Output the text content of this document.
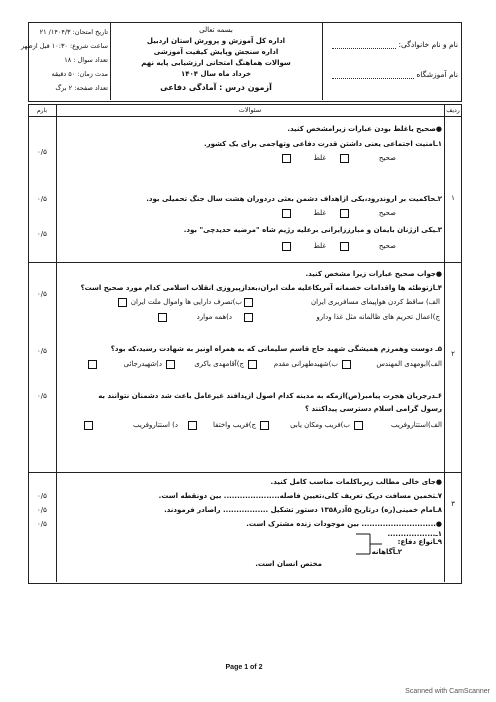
تاریخ امتحان: ۱۴۰۴/۳/ ۲۱
ساعت شروع: ۱۰:۳۰ قبل ازظهر
تعداد سوال : ۱۸
مدت زمان: ۵۰ دقیقه
تعداد صفحه: ۲ برگ
بسمه تعالی
اداره کل آموزش و پرورش استان اردبیل
اداره سنجش وپایش کیفیت آموزشی
سوالات هماهنگ امتحانی ارزشیابی پایه نهم
خرداد ماه سال ۱۴۰۴
آزمون درس : آمادگی دفاعی
نام و نام خانوادگی:
نام آموزشگاه
بارم	سئوالات	ردیف
۱
۲
۳
●صحیح یاغلط بودن عبارات زیرامشخص کنید.
۱ـامنیت اجتماعی یعنی داشتن قدرت دفاعی وتهاجمی برای یک کشور.
۰/۵
صحیح
غلط
۲ـحاکمیت بر اروندرود،یکی ازاهداف دشمن بعثی دردوران هشت سال جنگ تحمیلی بود.
۰/۵
صحیح
غلط
۳ـیکی ازژنان بایمان و مبارززایرانی برعلیه رژیم شاه "مرضیه حدیدچی" بود.
۰/۵
صحیح
غلط
●جواب صحیح عبارات زیرا مشخص کنید.
۴ـازتوطئه ها واقدامات خصمانه آمریکاعلیه ملت ایران،بعدازپیروزی انقلاب اسلامی کدام مورد صحیح است؟
۰/۵
الف) ساقط کردن هواپیمای مسافربری ایران
ب)تصرف دارایی ها واموال ملت ایران
ج)اعمال تحریم های ظالمانه مثل غذا ودارو
د)همه موارد
۵ـ دوست وهمرزم همیشگی شهید حاج قاسم سلیمانی که به همراه اونیز به شهادت رسید،که بود؟
۰/۵
الف)ابومهدی المهندس
ب)شهیدطهرانی مقدم
ج)آقامهدی باکری
د)شهیدرجائی
۶ـدرجریان هجرت پیامبر(ص)ازمکه به مدینه کدام اصول ازپدافند غیرعامل باعث شد دشمنان نتوانند به
رسول گرامی اسلام دسترسی پیداکنند ؟
۰/۵
الف)استتاروفریب
ب)فریب ومکان یابی
ج)فریب واختفا
د) استتاروفریب
●جای خالی مطالب زیرباکلمات مناسب کامل کنید.
۷ـتخمین مسافت دریک تعریف کلی،تعیین فاصله..................... بین دونقطه است.
۰/۵
۸ـامام خمینی(ره) درتاریخ ۵آذر۱۳۵۸ دستور تشکیل ................. راصادر فرمودند.
۰/۵
●............................ بین موجودات زنده مشترک است.
۱ـ..................
۹ـانواع دفاع:
۲ـآگاهانه
مختص انسان است.
۰/۵
Page 1 of 2
Scanned with CamScanner
